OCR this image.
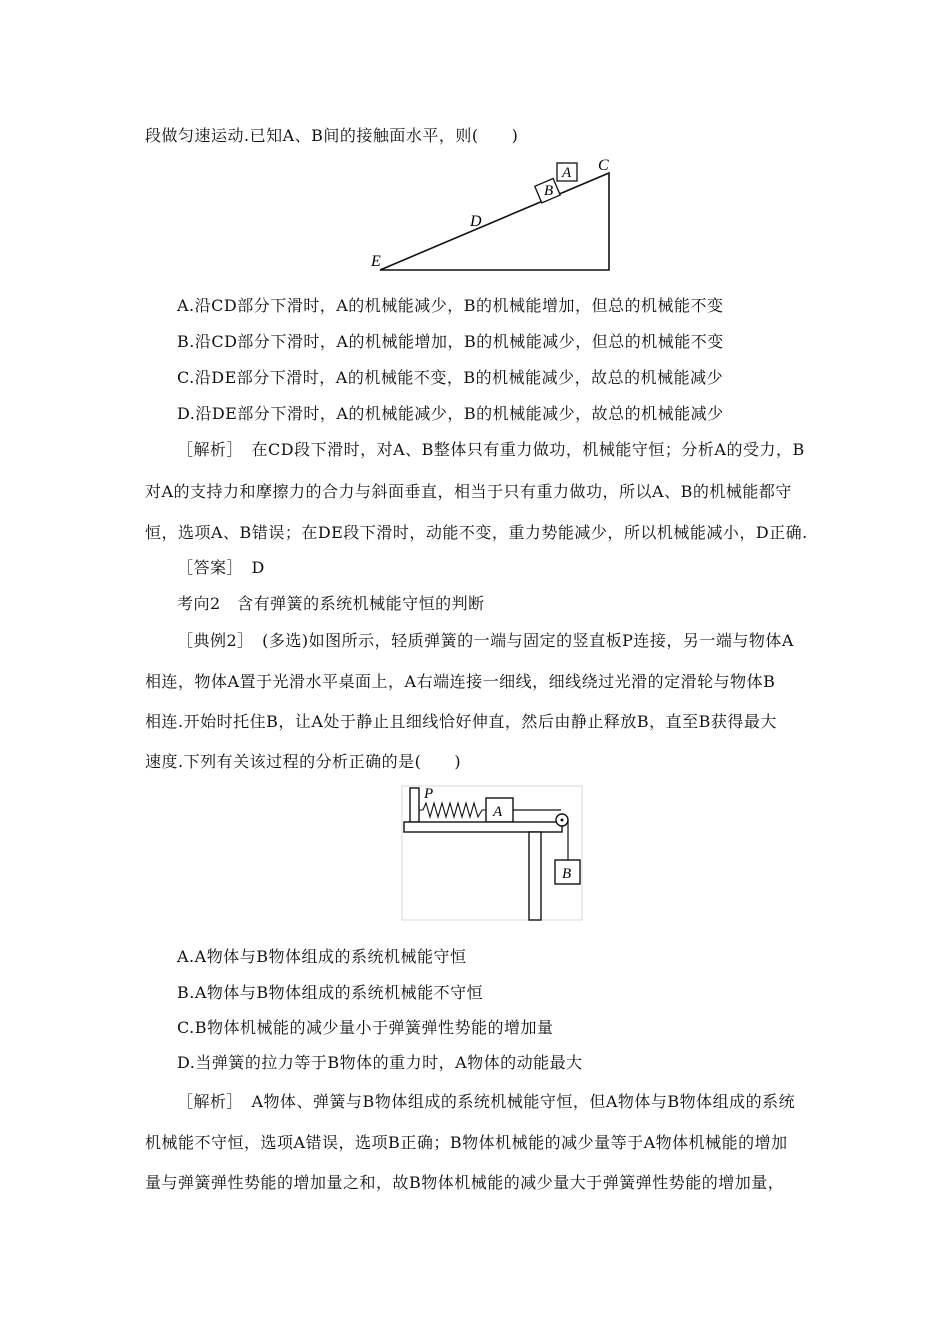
段做匀速运动.已知A、B间的接触面水平，则(　　)
A
B
C
D
E
A.沿CD部分下滑时，A的机械能减少，B的机械能增加，但总的机械能不变
B.沿CD部分下滑时，A的机械能增加，B的机械能减少，但总的机械能不变
C.沿DE部分下滑时，A的机械能不变，B的机械能减少，故总的机械能减少
D.沿DE部分下滑时，A的机械能减少，B的机械能减少，故总的机械能减少
［解析］　在CD段下滑时，对A、B整体只有重力做功，机械能守恒；分析A的受力，B
对A的支持力和摩擦力的合力与斜面垂直，相当于只有重力做功，所以A、B的机械能都守
恒，选项A、B错误；在DE段下滑时，动能不变，重力势能减少，所以机械能减小，D正确.
［答案］　D
考向2　含有弹簧的系统机械能守恒的判断
［典例2］　(多选)如图所示，轻质弹簧的一端与固定的竖直板P连接，另一端与物体A
相连，物体A置于光滑水平桌面上，A右端连接一细线，细线绕过光滑的定滑轮与物体B
相连.开始时托住B，让A处于静止且细线恰好伸直，然后由静止释放B，直至B获得最大
速度.下列有关该过程的分析正确的是(　　)
P
A
B
A.A物体与B物体组成的系统机械能守恒
B.A物体与B物体组成的系统机械能不守恒
C.B物体机械能的减少量小于弹簧弹性势能的增加量
D.当弹簧的拉力等于B物体的重力时，A物体的动能最大
［解析］　A物体、弹簧与B物体组成的系统机械能守恒，但A物体与B物体组成的系统
机械能不守恒，选项A错误，选项B正确；B物体机械能的减少量等于A物体机械能的增加
量与弹簧弹性势能的增加量之和，故B物体机械能的减少量大于弹簧弹性势能的增加量，
